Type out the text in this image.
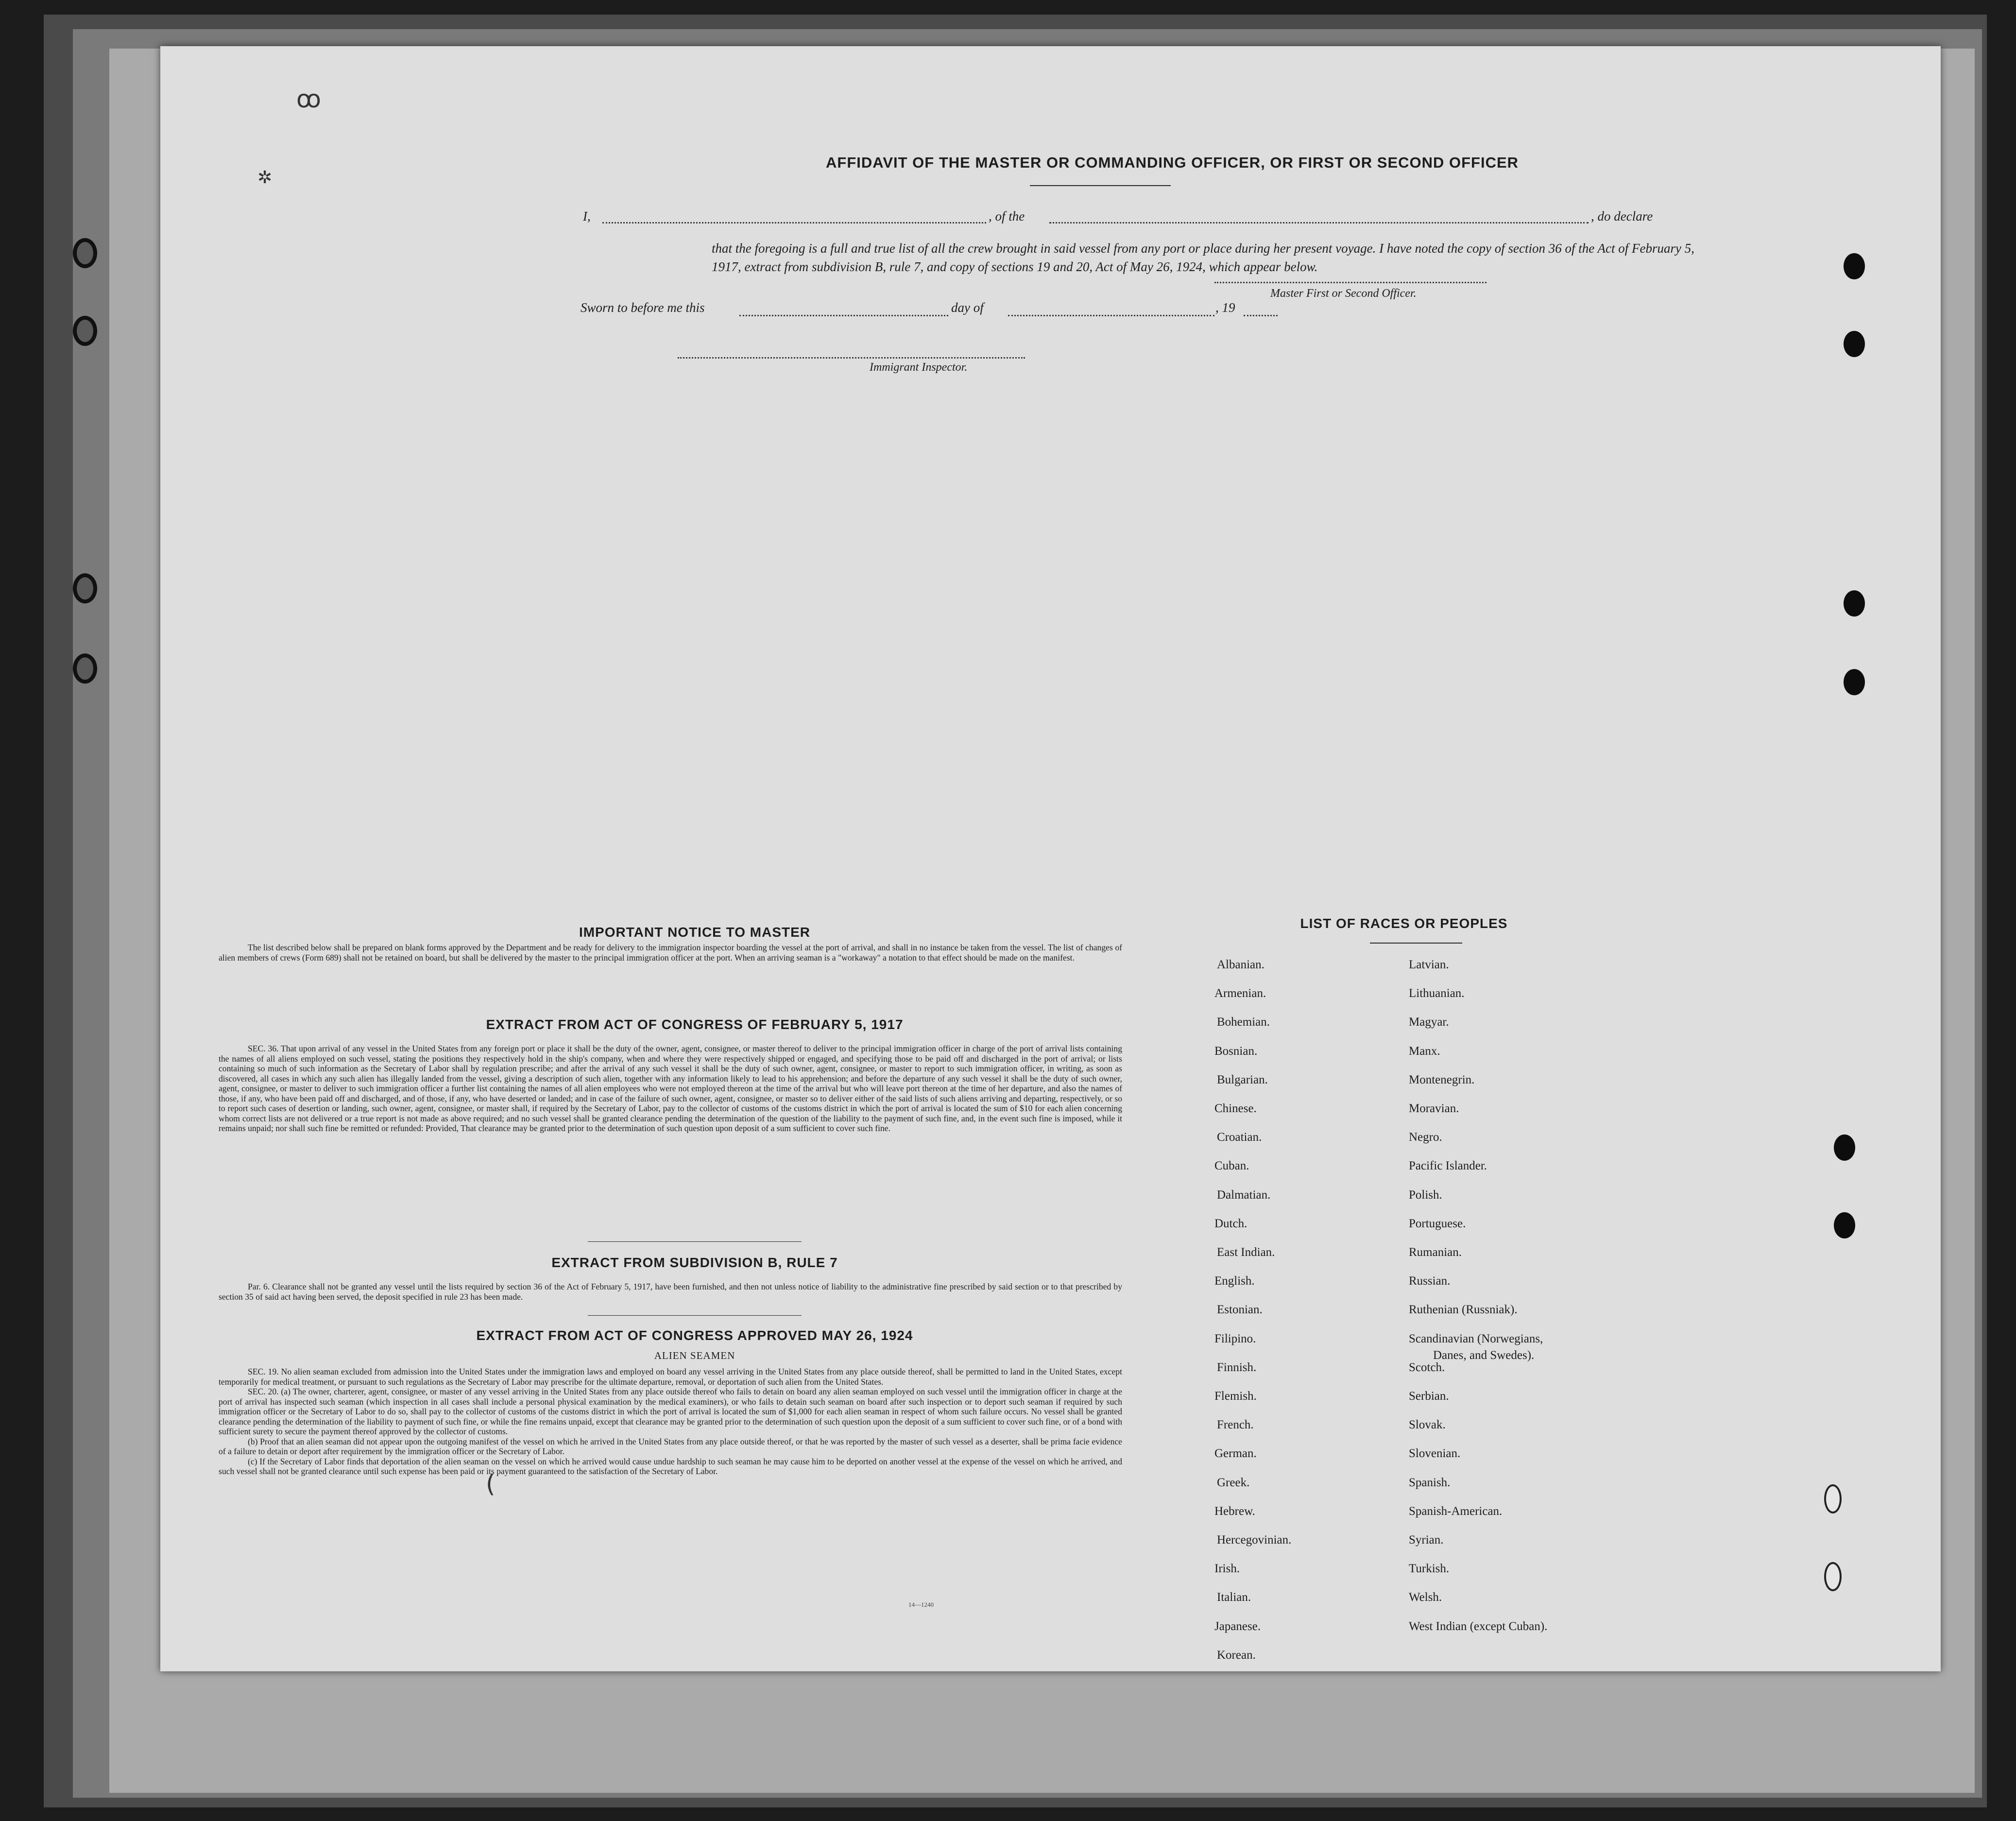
ꝏ
✲
(
AFFIDAVIT OF THE MASTER OR COMMANDING OFFICER, OR FIRST OR SECOND OFFICER
I,	, of the	, do declare
that the foregoing is a full and true list of all the crew brought in said vessel from any port or place during her present voyage. I have noted the copy of section 36 of the Act of February 5, 1917, extract from subdivision B, rule 7, and copy of sections 19 and 20, Act of May 26, 1924, which appear below.
Master First or Second Officer.
Sworn to before me this	day of	, 19
Immigrant Inspector.
IMPORTANT NOTICE TO MASTER
The list described below shall be prepared on blank forms approved by the Department and be ready for delivery to the immigration inspector boarding the vessel at the port of arrival, and shall in no instance be taken from the vessel. The list of changes of alien members of crews (Form 689) shall not be retained on board, but shall be delivered by the master to the principal immigration officer at the port. When an arriving seaman is a "workaway" a notation to that effect should be made on the manifest.
EXTRACT FROM ACT OF CONGRESS OF FEBRUARY 5, 1917
SEC. 36. That upon arrival of any vessel in the United States from any foreign port or place it shall be the duty of the owner, agent, consignee, or master thereof to deliver to the principal immigration officer in charge of the port of arrival lists containing the names of all aliens employed on such vessel, stating the positions they respectively hold in the ship's company, when and where they were respectively shipped or engaged, and specifying those to be paid off and discharged in the port of arrival; or lists containing so much of such information as the Secretary of Labor shall by regulation prescribe; and after the arrival of any such vessel it shall be the duty of such owner, agent, consignee, or master to report to such immigration officer, in writing, as soon as discovered, all cases in which any such alien has illegally landed from the vessel, giving a description of such alien, together with any information likely to lead to his apprehension; and before the departure of any such vessel it shall be the duty of such owner, agent, consignee, or master to deliver to such immigration officer a further list containing the names of all alien employees who were not employed thereon at the time of the arrival but who will leave port thereon at the time of her departure, and also the names of those, if any, who have been paid off and discharged, and of those, if any, who have deserted or landed; and in case of the failure of such owner, agent, consignee, or master so to deliver either of the said lists of such aliens arriving and departing, respectively, or so to report such cases of desertion or landing, such owner, agent, consignee, or master shall, if required by the Secretary of Labor, pay to the collector of customs of the customs district in which the port of arrival is located the sum of $10 for each alien concerning whom correct lists are not delivered or a true report is not made as above required; and no such vessel shall be granted clearance pending the determination of the question of the liability to the payment of such fine, and, in the event such fine is imposed, while it remains unpaid; nor shall such fine be remitted or refunded: Provided, That clearance may be granted prior to the determination of such question upon deposit of a sum sufficient to cover such fine.
EXTRACT FROM SUBDIVISION B, RULE 7
Par. 6. Clearance shall not be granted any vessel until the lists required by section 36 of the Act of February 5, 1917, have been furnished, and then not unless notice of liability to the administrative fine prescribed by said section or to that prescribed by section 35 of said act having been served, the deposit specified in rule 23 has been made.
EXTRACT FROM ACT OF CONGRESS APPROVED MAY 26, 1924
ALIEN SEAMEN
SEC. 19. No alien seaman excluded from admission into the United States under the immigration laws and employed on board any vessel arriving in the United States from any place outside thereof, shall be permitted to land in the United States, except temporarily for medical treatment, or pursuant to such regulations as the Secretary of Labor may prescribe for the ultimate departure, removal, or deportation of such alien from the United States.
SEC. 20. (a) The owner, charterer, agent, consignee, or master of any vessel arriving in the United States from any place outside thereof who fails to detain on board any alien seaman employed on such vessel until the immigration officer in charge at the port of arrival has inspected such seaman (which inspection in all cases shall include a personal physical examination by the medical examiners), or who fails to detain such seaman on board after such inspection or to deport such seaman if required by such immigration officer or the Secretary of Labor to do so, shall pay to the collector of customs of the customs district in which the port of arrival is located the sum of $1,000 for each alien seaman in respect of whom such failure occurs. No vessel shall be granted clearance pending the determination of the liability to payment of such fine, or while the fine remains unpaid, except that clearance may be granted prior to the determination of such question upon the deposit of a sum sufficient to cover such fine, or of a bond with sufficient surety to secure the payment thereof approved by the collector of customs.
(b) Proof that an alien seaman did not appear upon the outgoing manifest of the vessel on which he arrived in the United States from any place outside thereof, or that he was reported by the master of such vessel as a deserter, shall be prima facie evidence of a failure to detain or deport after requirement by the immigration officer or the Secretary of Labor.
(c) If the Secretary of Labor finds that deportation of the alien seaman on the vessel on which he arrived would cause undue hardship to such seaman he may cause him to be deported on another vessel at the expense of the vessel on which he arrived, and such vessel shall not be granted clearance until such expense has been paid or its payment guaranteed to the satisfaction of the Secretary of Labor.
14—1240
LIST OF RACES OR PEOPLES
Albanian.
Armenian.
Bohemian.
Bosnian.
Bulgarian.
Chinese.
Croatian.
Cuban.
Dalmatian.
Dutch.
East Indian.
English.
Estonian.
Filipino.
Finnish.
Flemish.
French.
German.
Greek.
Hebrew.
Hercegovinian.
Irish.
Italian.
Japanese.
Korean.
Latvian.
Lithuanian.
Magyar.
Manx.
Montenegrin.
Moravian.
Negro.
Pacific Islander.
Polish.
Portuguese.
Rumanian.
Russian.
Ruthenian (Russniak).
Scandinavian (Norwegians,
Danes, and Swedes).
Scotch.
Serbian.
Slovak.
Slovenian.
Spanish.
Spanish-American.
Syrian.
Turkish.
Welsh.
West Indian (except Cuban).
